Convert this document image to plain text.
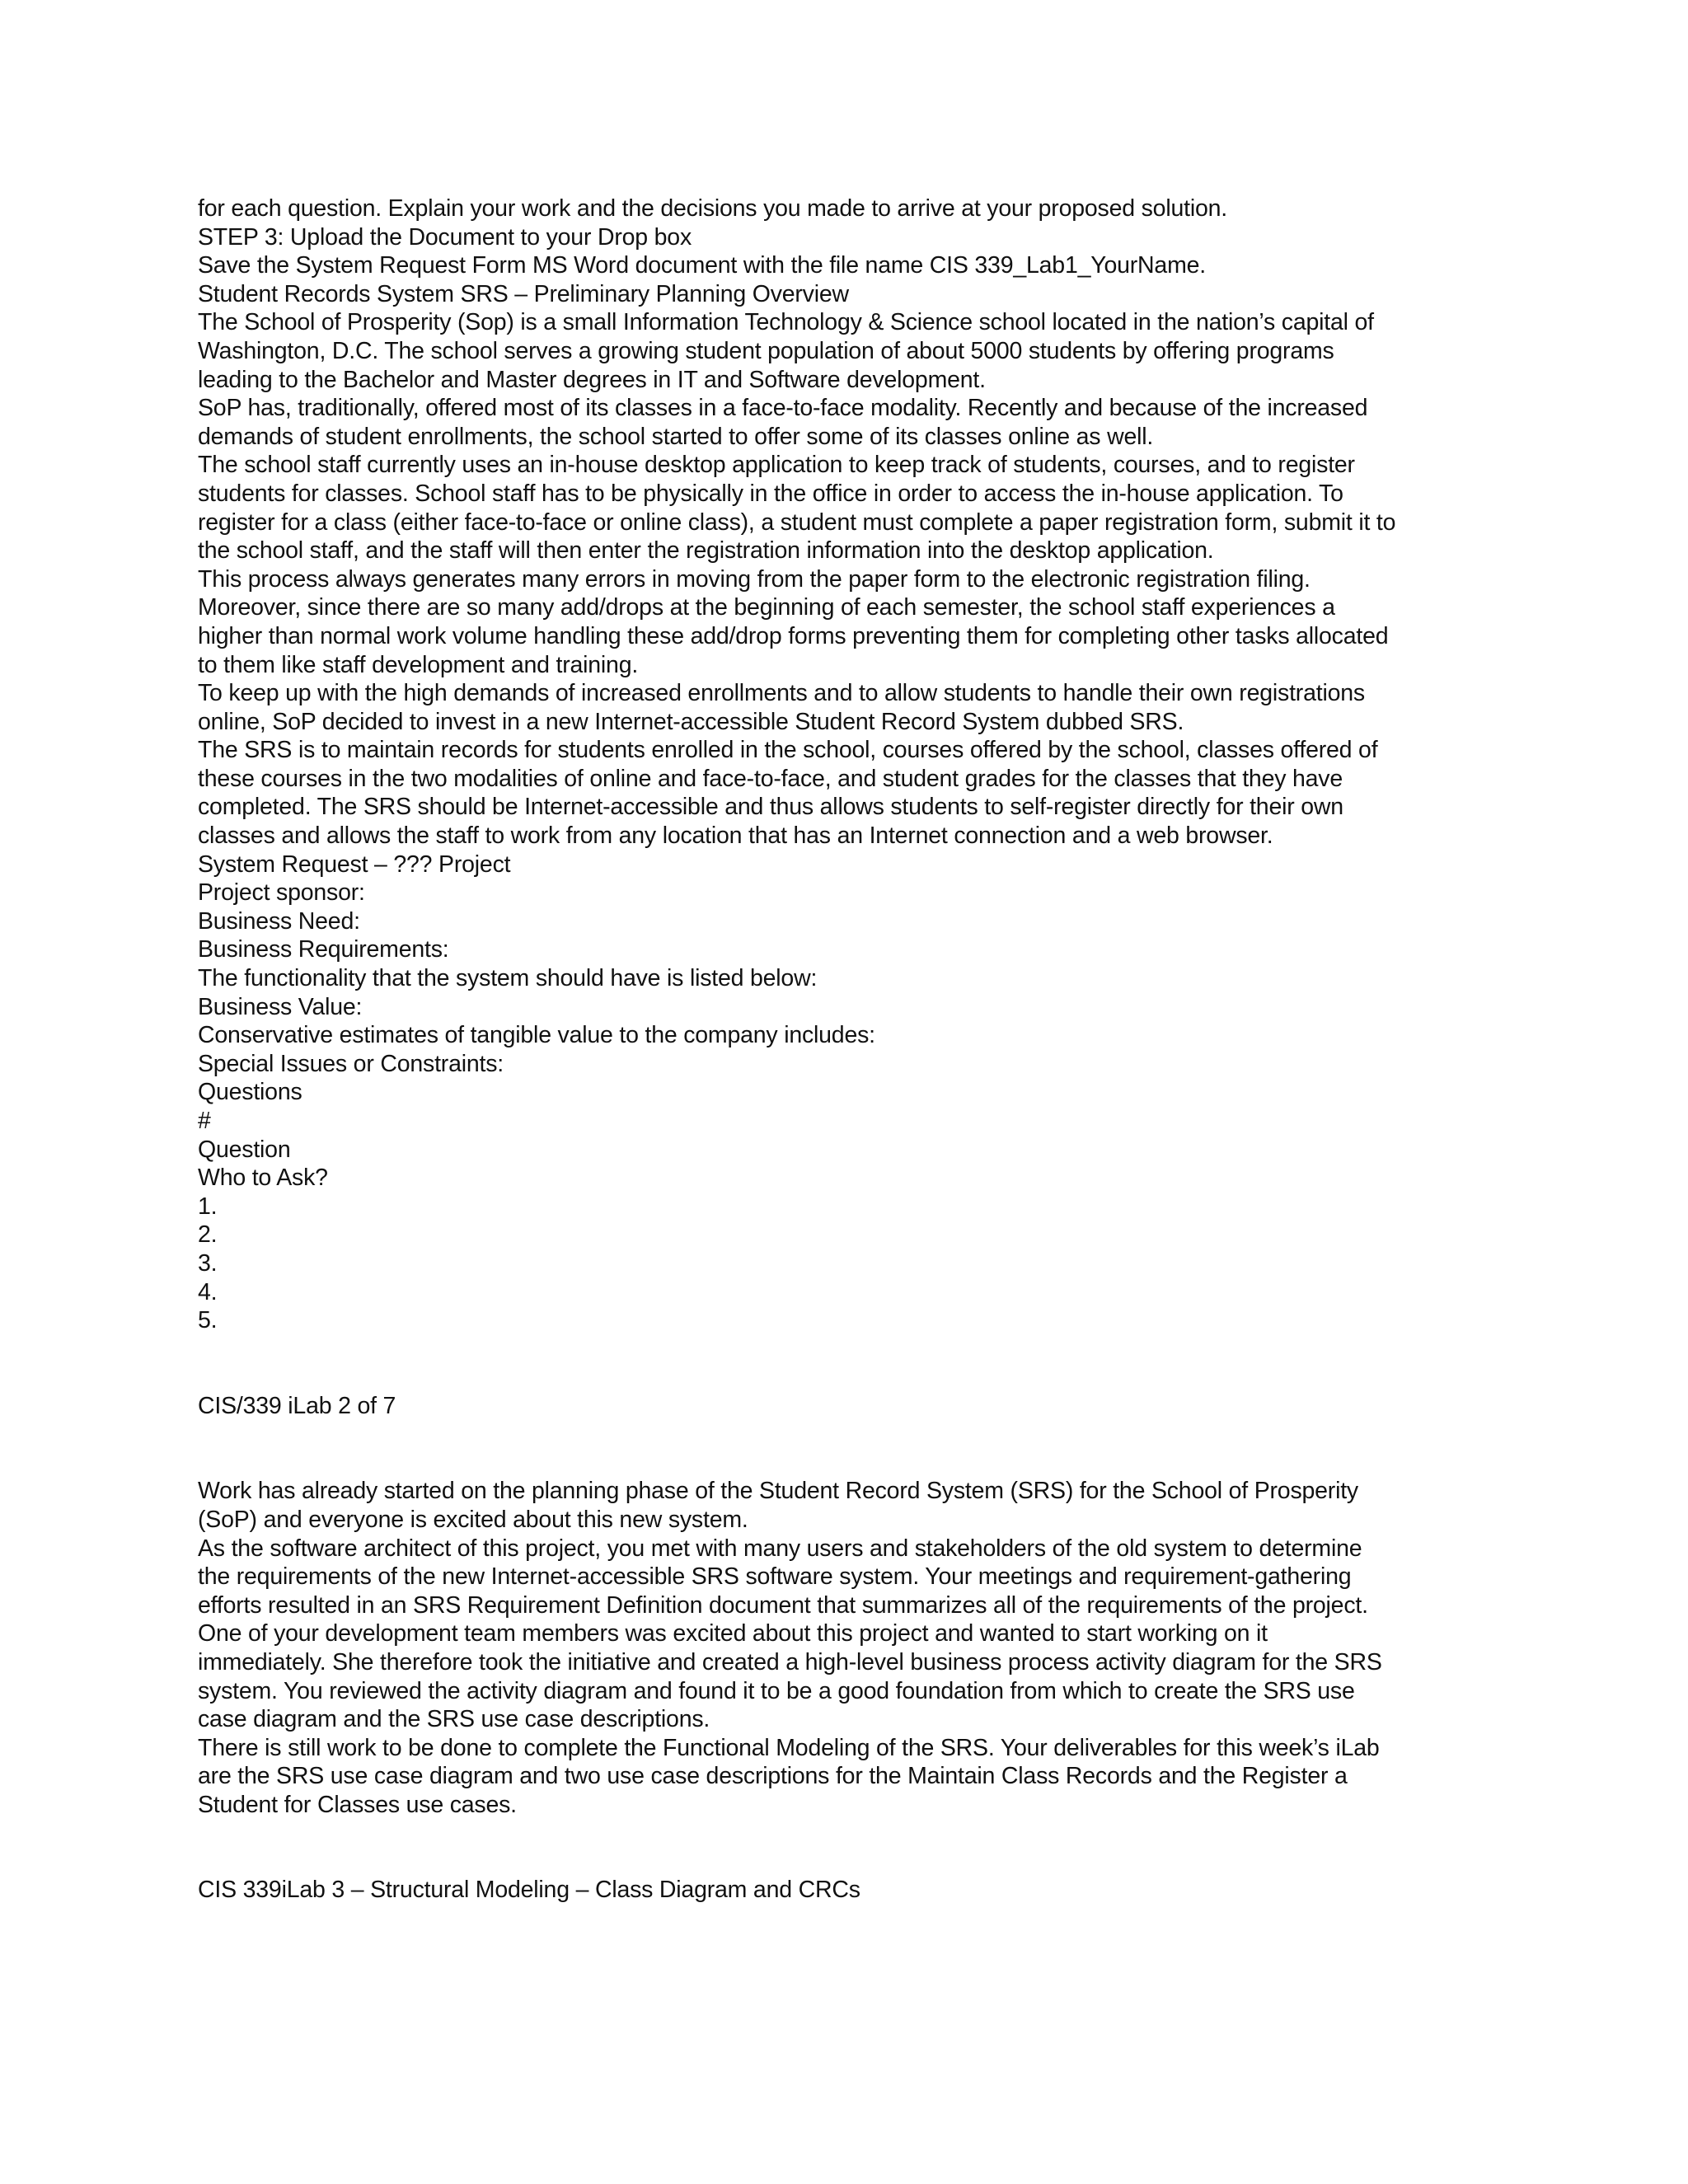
for each question. Explain your work and the decisions you made to arrive at your proposed solution.

STEP 3: Upload the Document to your Drop box

Save the System Request Form MS Word document with the file name CIS 339_Lab1_YourName.

Student Records System SRS – Preliminary Planning Overview

The School of Prosperity (Sop) is a small Information Technology & Science school located in the nation’s capital of

Washington, D.C. The school serves a growing student population of about 5000 students by offering programs

leading to the Bachelor and Master degrees in IT and Software development.

SoP has, traditionally, offered most of its classes in a face-to-face modality. Recently and because of the increased

demands of student enrollments, the school started to offer some of its classes online as well.

The school staff currently uses an in-house desktop application to keep track of students, courses, and to register

students for classes. School staff has to be physically in the office in order to access the in-house application. To

register for a class (either face-to-face or online class), a student must complete a paper registration form, submit it to

the school staff, and the staff will then enter the registration information into the desktop application.

This process always generates many errors in moving from the paper form to the electronic registration filing.

Moreover, since there are so many add/drops at the beginning of each semester, the school staff experiences a

higher than normal work volume handling these add/drop forms preventing them for completing other tasks allocated

to them like staff development and training.

To keep up with the high demands of increased enrollments and to allow students to handle their own registrations

online, SoP decided to invest in a new Internet-accessible Student Record System dubbed SRS.

The SRS is to maintain records for students enrolled in the school, courses offered by the school, classes offered of

these courses in the two modalities of online and face-to-face, and student grades for the classes that they have

completed. The SRS should be Internet-accessible and thus allows students to self-register directly for their own

classes and allows the staff to work from any location that has an Internet connection and a web browser.

System Request – ??? Project

Project sponsor:

Business Need:

Business Requirements:

The functionality that the system should have is listed below:

Business Value:

Conservative estimates of tangible value to the company includes:

Special Issues or Constraints:

Questions

#

Question

Who to Ask?

1.

2.

3.

4.

5.

CIS/339 iLab 2 of 7

Work has already started on the planning phase of the Student Record System (SRS) for the School of Prosperity

(SoP) and everyone is excited about this new system.

As the software architect of this project, you met with many users and stakeholders of the old system to determine

the requirements of the new Internet-accessible SRS software system. Your meetings and requirement-gathering

efforts resulted in an SRS Requirement Definition document that summarizes all of the requirements of the project.

One of your development team members was excited about this project and wanted to start working on it

immediately. She therefore took the initiative and created a high-level business process activity diagram for the SRS

system. You reviewed the activity diagram and found it to be a good foundation from which to create the SRS use

case diagram and the SRS use case descriptions.

There is still work to be done to complete the Functional Modeling of the SRS. Your deliverables for this week’s iLab

are the SRS use case diagram and two use case descriptions for the Maintain Class Records and the Register a

Student for Classes use cases.

CIS 339iLab 3 – Structural Modeling – Class Diagram and CRCs
